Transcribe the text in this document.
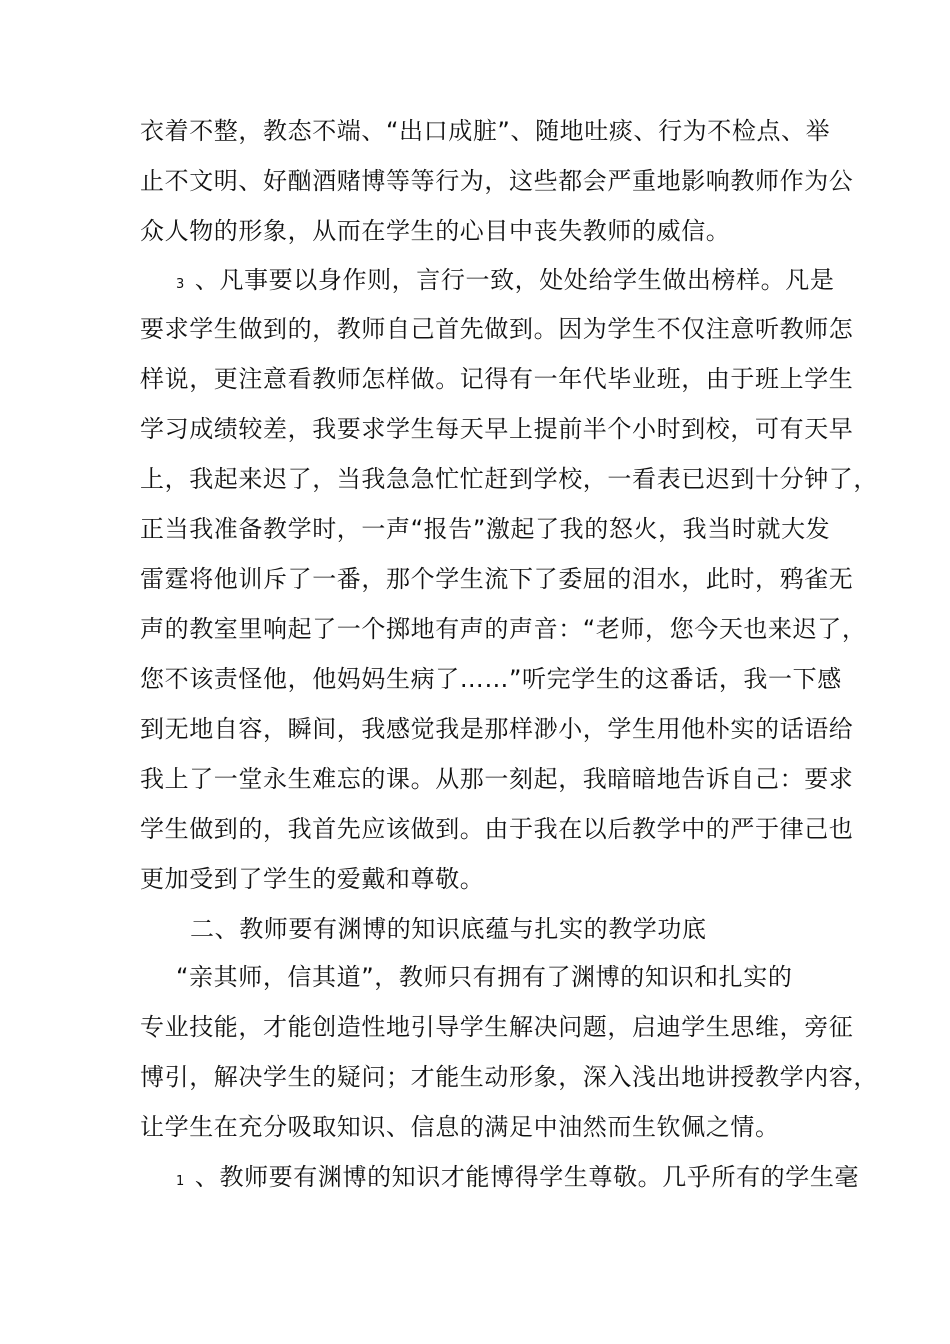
衣着不整，教态不端、“出口成脏”、随地吐痰、行为不检点、举
止不文明、好酗酒赌博等等行为，这些都会严重地影响教师作为公
众人物的形象，从而在学生的心目中丧失教师的威信。
3 、凡事要以身作则，言行一致，处处给学生做出榜样。凡是
要求学生做到的，教师自己首先做到。因为学生不仅注意听教师怎
样说，更注意看教师怎样做。记得有一年代毕业班，由于班上学生
学习成绩较差，我要求学生每天早上提前半个小时到校，可有天早
上，我起来迟了，当我急急忙忙赶到学校，一看表已迟到十分钟了，
正当我准备教学时，一声“报告”激起了我的怒火，我当时就大发
雷霆将他训斥了一番，那个学生流下了委屈的泪水，此时，鸦雀无
声的教室里响起了一个掷地有声的声音：“老师，您今天也来迟了，
您不该责怪他，他妈妈生病了……”听完学生的这番话，我一下感
到无地自容，瞬间，我感觉我是那样渺小，学生用他朴实的话语给
我上了一堂永生难忘的课。从那一刻起，我暗暗地告诉自己：要求
学生做到的，我首先应该做到。由于我在以后教学中的严于律己也
更加受到了学生的爱戴和尊敬。
二、教师要有渊博的知识底蕴与扎实的教学功底
“亲其师，信其道”，教师只有拥有了渊博的知识和扎实的
专业技能，才能创造性地引导学生解决问题，启迪学生思维，旁征
博引，解决学生的疑问；才能生动形象，深入浅出地讲授教学内容，
让学生在充分吸取知识、信息的满足中油然而生钦佩之情。
1 、教师要有渊博的知识才能博得学生尊敬。几乎所有的学生毫
